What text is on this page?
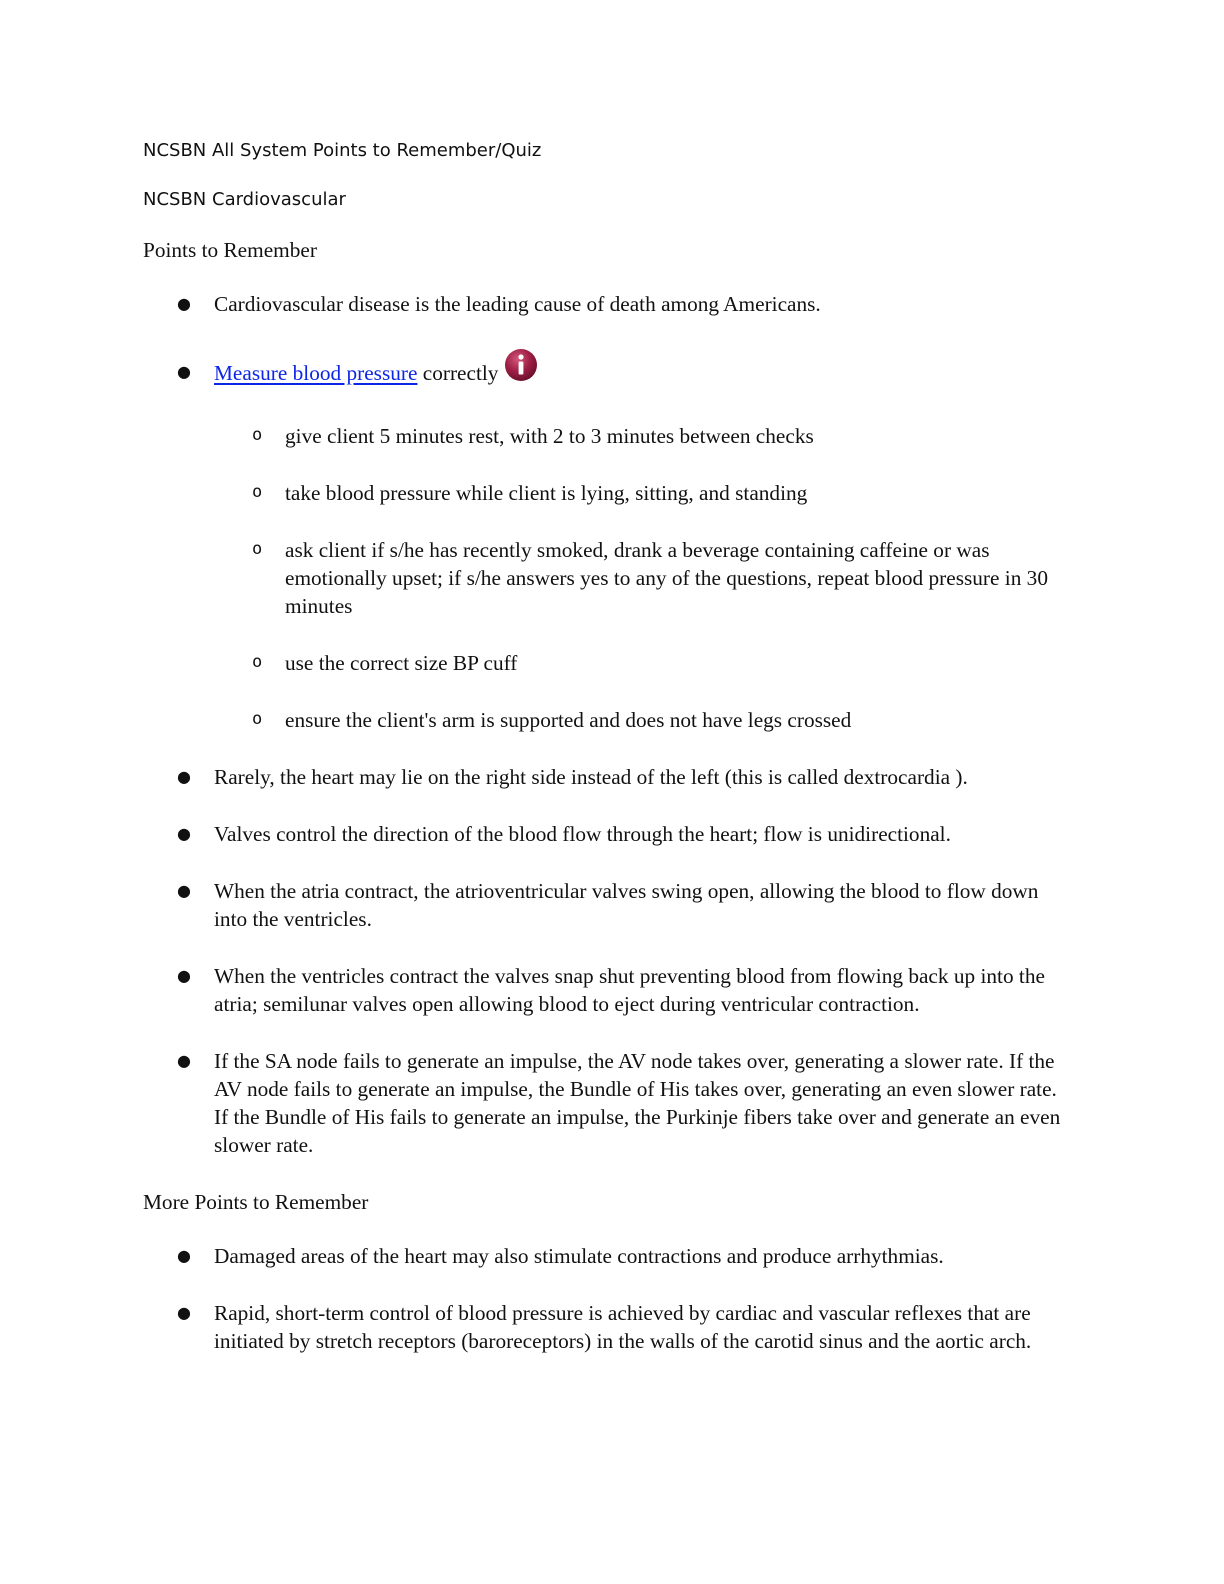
NCSBN All System Points to Remember/Quiz
NCSBN Cardiovascular
Points to Remember
● Cardiovascular disease is the leading cause of death among Americans.
● Measure blood pressure correctly
o	give client 5 minutes rest, with 2 to 3 minutes between checks
o	take blood pressure while client is lying, sitting, and standing
o	ask client if s/he has recently smoked, drank a beverage containing caffeine or was emotionally upset; if s/he answers yes to any of the questions, repeat blood pressure in 30 minutes
o	use the correct size BP cuff
o	ensure the client's arm is supported and does not have legs crossed
● Rarely, the heart may lie on the right side instead of the left (this is called dextrocardia ).
● Valves control the direction of the blood flow through the heart; flow is unidirectional.
● When the atria contract, the atrioventricular valves swing open, allowing the blood to flow down into the ventricles.
● When the ventricles contract the valves snap shut preventing blood from flowing back up into the atria; semilunar valves open allowing blood to eject during ventricular contraction.
● If the SA node fails to generate an impulse, the AV node takes over, generating a slower rate. If the AV node fails to generate an impulse, the Bundle of His takes over, generating an even slower rate. If the Bundle of His fails to generate an impulse, the Purkinje fibers take over and generate an even slower rate.
More Points to Remember
● Damaged areas of the heart may also stimulate contractions and produce arrhythmias.
● Rapid, short-term control of blood pressure is achieved by cardiac and vascular reflexes that are initiated by stretch receptors (baroreceptors) in the walls of the carotid sinus and the aortic arch.
